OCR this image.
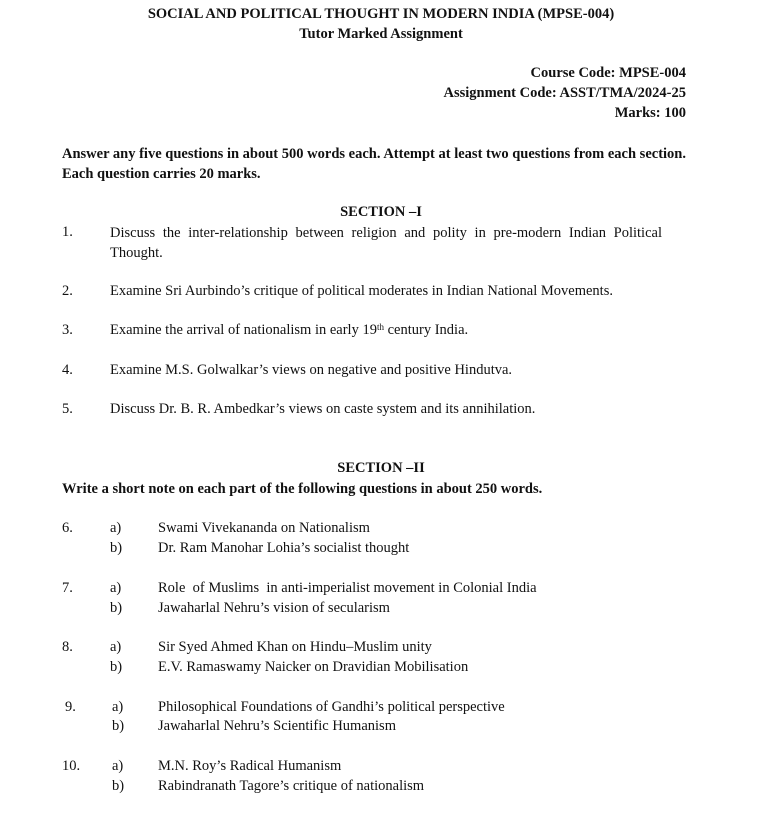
SOCIAL AND POLITICAL THOUGHT IN MODERN INDIA (MPSE-004)
Tutor Marked Assignment
Course Code: MPSE-004
Assignment Code: ASST/TMA/2024-25
Marks: 100
Answer any five questions in about 500 words each. Attempt at least two questions from each section. Each question carries 20 marks.
SECTION –I
1.	Discuss the inter-relationship between religion and polity in pre-modern Indian Political Thought.
2.	Examine Sri Aurbindo’s critique of political moderates in Indian National Movements.
3.	Examine the arrival of nationalism in early 19th century India.
4.	Examine M.S. Golwalkar’s views on negative and positive Hindutva.
5.	Discuss Dr. B. R. Ambedkar’s views on caste system and its annihilation.
SECTION –II
Write a short note on each part of the following questions in about 250 words.
6.	a)	Swami Vivekananda on Nationalism
b) Dr. Ram Manohar Lohia’s socialist thought
7.	a)	Role  of Muslims  in anti-imperialist movement in Colonial India
b) Jawaharlal Nehru’s vision of secularism
8.	a)	Sir Syed Ahmed Khan on Hindu–Muslim unity
b) E.V. Ramaswamy Naicker on Dravidian Mobilisation
9. a) Philosophical Foundations of Gandhi’s political perspective
b) Jawaharlal Nehru’s Scientific Humanism
10. a) M.N. Roy’s Radical Humanism
b) Rabindranath Tagore’s critique of nationalism
